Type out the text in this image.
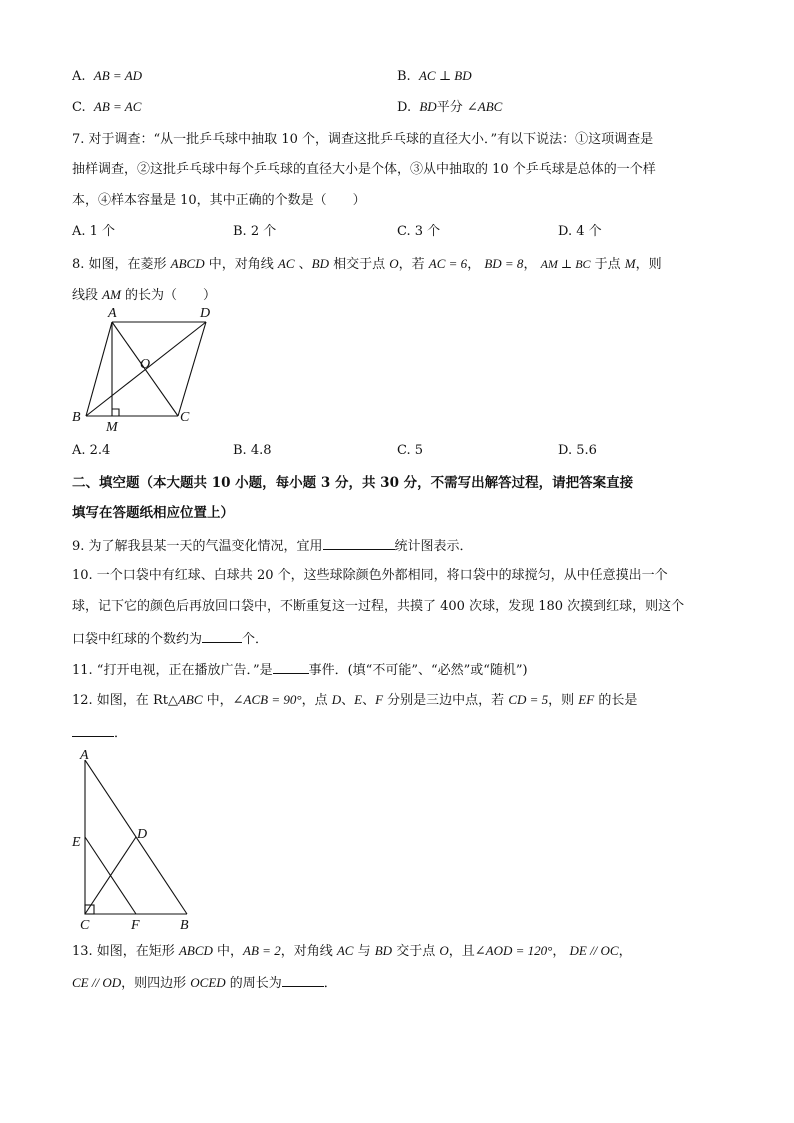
A. AB = AD	B. AC ⊥ BD
C. AB = AC	D. BD平分 ∠ABC
7. 对于调查：“从一批乒乓球中抽取 10 个，调查这批乒乓球的直径大小．”有以下说法：①这项调查是
抽样调查，②这批乒乓球中每个乒乓球的直径大小是个体，③从中抽取的 10 个乒乓球是总体的一个样
本，④样本容量是 10，其中正确的个数是（　　）
A. 1 个	B. 2 个	C. 3 个	D. 4 个
8. 如图，在菱形 ABCD 中，对角线 AC 、BD 相交于点 O，若 AC = 6， BD = 8， AM ⊥ BC 于点 M，则
线段 AM 的长为（　　）
A	D
O
B
M
C
A. 2.4	B. 4.8	C. 5	D. 5.6
二、填空题（本大题共 10 小题，每小题 3 分，共 30 分，不需写出解答过程，请把答案直接
填写在答题纸相应位置上）
9. 为了解我县某一天的气温变化情况，宜用	统计图表示．
10. 一个口袋中有红球、白球共 20 个，这些球除颜色外都相同，将口袋中的球搅匀，从中任意摸出一个
球，记下它的颜色后再放回口袋中，不断重复这一过程，共摸了 400 次球，发现 180 次摸到红球，则这个
口袋中红球的个数约为	个．
11. “打开电视，正在播放广告．”是	事件．(填“不可能”、“必然”或“随机”)
12. 如图，在 Rt△ABC 中，∠ACB = 90°，点 D、E、F 分别是三边中点，若 CD = 5，则 EF 的长是
．
A
D
E
C	F	B
13. 如图，在矩形 ABCD 中，AB = 2，对角线 AC 与 BD 交于点 O，且∠AOD = 120°， DE // OC，
CE // OD，则四边形 OCED 的周长为	．
